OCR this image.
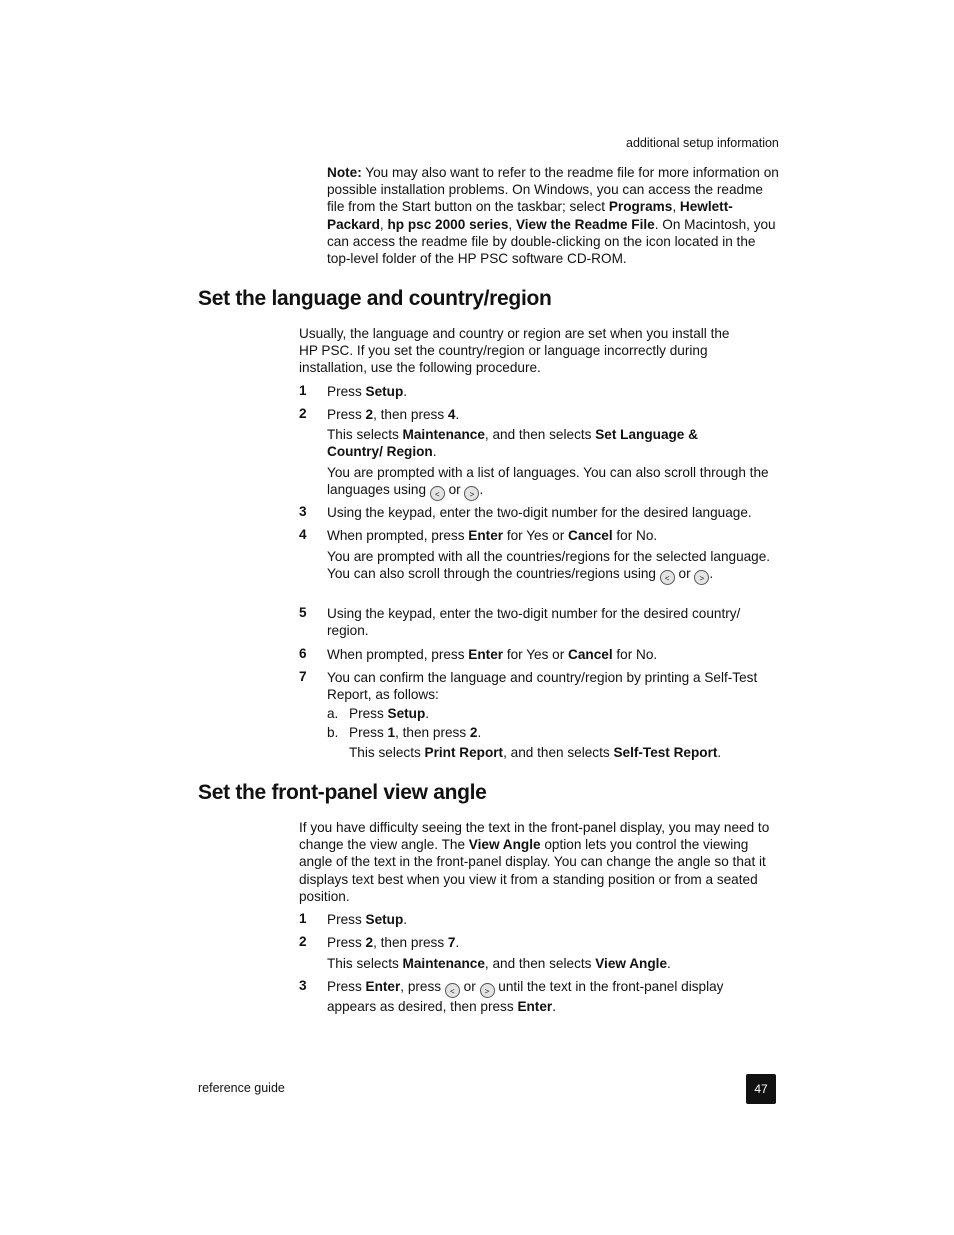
additional setup information
Note: You may also want to refer to the readme file for more information on possible installation problems. On Windows, you can access the readme file from the Start button on the taskbar; select Programs, Hewlett-Packard, hp psc 2000 series, View the Readme File. On Macintosh, you can access the readme file by double-clicking on the icon located in the top-level folder of the HP PSC software CD-ROM.
Set the language and country/region
Usually, the language and country or region are set when you install the HP PSC. If you set the country/region or language incorrectly during installation, use the following procedure.
1 Press Setup.
2 Press 2, then press 4.
This selects Maintenance, and then selects Set Language & Country/ Region.
You are prompted with a list of languages. You can also scroll through the languages using < or > .
3 Using the keypad, enter the two-digit number for the desired language.
4 When prompted, press Enter for Yes or Cancel for No.
You are prompted with all the countries/regions for the selected language. You can also scroll through the countries/regions using < or > .
5 Using the keypad, enter the two-digit number for the desired country/ region.
6 When prompted, press Enter for Yes or Cancel for No.
7 You can confirm the language and country/region by printing a Self-Test Report, as follows:
a. Press Setup.
b. Press 1, then press 2.
This selects Print Report, and then selects Self-Test Report.
Set the front-panel view angle
If you have difficulty seeing the text in the front-panel display, you may need to change the view angle. The View Angle option lets you control the viewing angle of the text in the front-panel display. You can change the angle so that it displays text best when you view it from a standing position or from a seated position.
1 Press Setup.
2 Press 2, then press 7.
This selects Maintenance, and then selects View Angle.
3 Press Enter, press < or > until the text in the front-panel display appears as desired, then press Enter.
reference guide	47
